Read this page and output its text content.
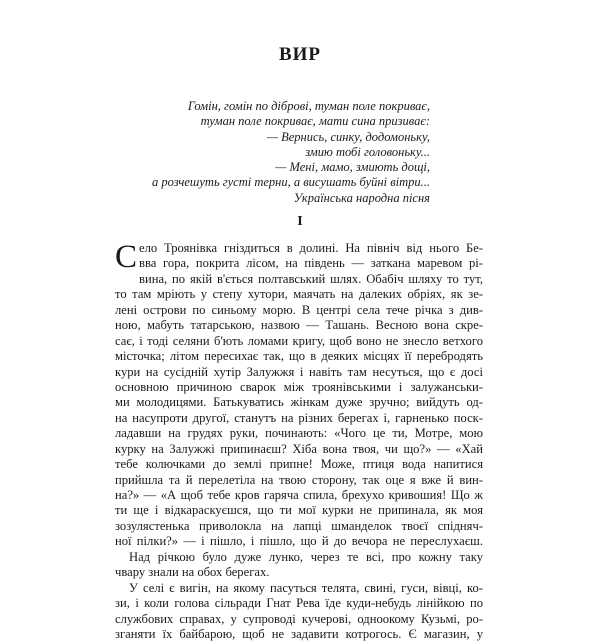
ВИР
Гомін, гомін по діброві, туман поле покриває,
туман поле покриває, мати сина призиває:
— Вернись, синку, додомоньку,
змию тобі головоньку...
— Мені, мамо, змиють дощі,
а розчешуть густі терни, а висушать буйні вітри...
Українська народна пісня
І
С ело Троянівка гніздиться в долині. На північ від нього Бе-
вва гора, покрита лісом, на південь — заткана маревом рі-
вина, по якій в'ється полтавський шлях. Обабіч шляху то тут,
то там мріють у степу хутори, маячать на далеких обріях, як зе-
лені острови по синьому морю. В центрі села тече річка з див-
ною, мабуть татарською, назвою — Ташань. Весною вона скре-
сає, і тоді селяни б'ють ломами кригу, щоб воно не знесло ветхого
місточка; літом пересихає так, що в деяких місцях її перебродять
кури на сусідній хутір Залужжя і навіть там несуться, що є досі
основною причиною сварок між троянівськими і залужанськи-
ми молодицями. Батькуватись жінкам дуже зручно; вийдуть од-
на насупроти другої, станутъ на різних берегах і, гарненько поск-
ладавши на грудях руки, починають: «Чого це ти, Мотре, мою
курку на Залужжі припинаєш? Хіба вона твоя, чи що?» — «Хай
тебе колючками до землі припне! Може, птиця вода напитися
прийшла та й перелетіла на твою сторону, так оце я вже й вин-
на?» — «А щоб тебе кров гаряча спила, брехухо кривошия! Що ж
ти ще і відкараскуєшся, що ти мої курки не припинала, як моя
зозулястенька приволокла на лапці шманделок твоєї спідняч-
ної пілки?» — і пішло, і пішло, що й до вечора не переслухаєш.
Над річкою було дуже лунко, через те всі, про кожну таку
чвару знали на обох берегах.
У селі є вигін, на якому пасуться телята, свині, гуси, вівці, ко-
зи, і коли голова сільради Гнат Рева їде куди-небудь лінійкою по
службових справах, у супроводі кучерові, одноокому Кузьмі, ро-
зганяти їх байбарою, щоб не задавити котрогось. Є магазин, у
